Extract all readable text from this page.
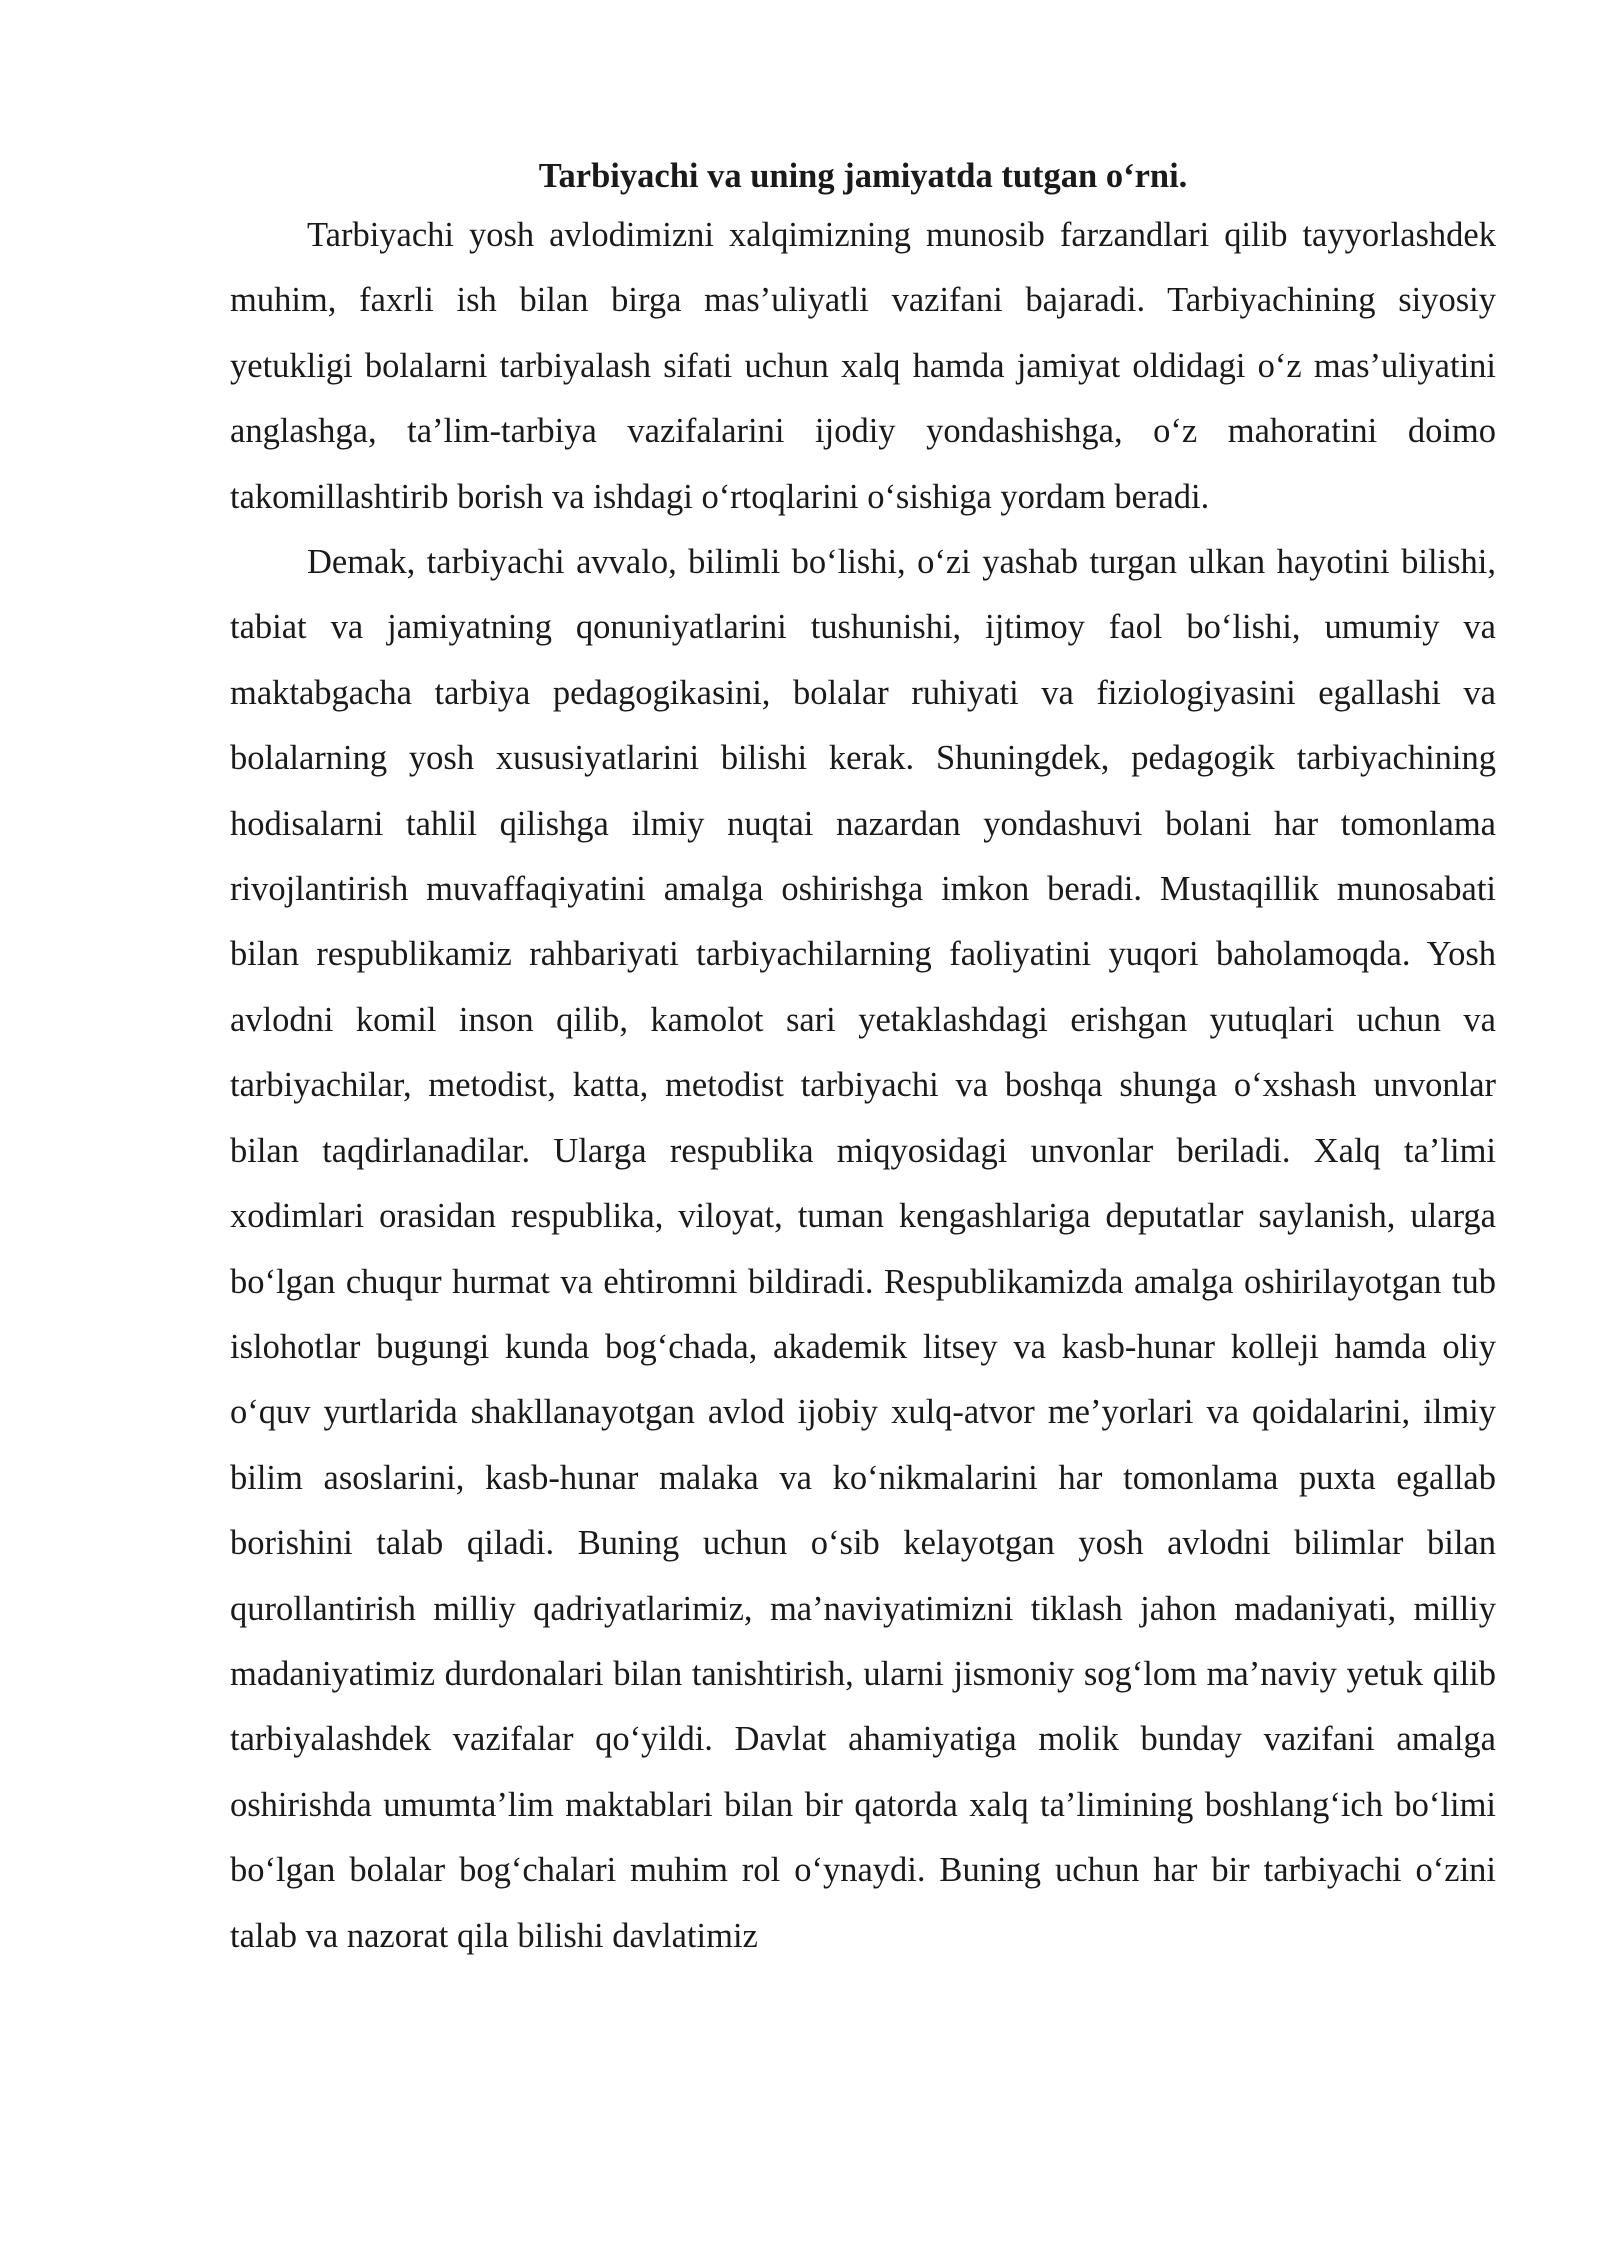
Tarbiyachi va uning jamiyatda tutgan o‘rni.

Tarbiyachi yosh avlodimizni xalqimizning munosib farzandlari qilib tayyorlashdek muhim, faxrli ish bilan birga mas’uliyatli vazifani bajaradi. Tarbiyachining siyosiy yetukligi bolalarni tarbiyalash sifati uchun xalq hamda jamiyat oldidagi o‘z mas’uliyatini anglashga, ta’lim-tarbiya vazifalarini ijodiy yondashishga, o‘z mahoratini doimo takomillashtirib borish va ishdagi o‘rtoqlarini o‘sishiga yordam beradi.

Demak, tarbiyachi avvalo, bilimli bo‘lishi, o‘zi yashab turgan ulkan hayotini bilishi, tabiat va jamiyatning qonuniyatlarini tushunishi, ijtimoy faol bo‘lishi, umumiy va maktabgacha tarbiya pedagogikasini, bolalar ruhiyati va fiziologiyasini egallashi va bolalarning yosh xususiyatlarini bilishi kerak. Shuningdek, pedagogik tarbiyachining hodisalarni tahlil qilishga ilmiy nuqtai nazardan yondashuvi bolani har tomonlama rivojlantirish muvaffaqiyatini amalga oshirishga imkon beradi. Mustaqillik munosabati bilan respublikamiz rahbariyati tarbiyachilarning faoliyatini yuqori baholamoqda. Yosh avlodni komil inson qilib, kamolot sari yetaklashdagi erishgan yutuqlari uchun va tarbiyachilar, metodist, katta, metodist tarbiyachi va boshqa shunga o‘xshash unvonlar bilan taqdirlanadilar. Ularga respublika miqyosidagi unvonlar beriladi. Xalq ta’limi xodimlari orasidan respublika, viloyat, tuman kengashlariga deputatlar saylanish, ularga bo‘lgan chuqur hurmat va ehtiromni bildiradi. Respublikamizda amalga oshirilayotgan tub islohotlar bugungi kunda bog‘chada, akademik litsey va kasb-hunar kolleji hamda oliy o‘quv yurtlarida shakllanayotgan avlod ijobiy xulq-atvor me’yorlari va qoidalarini, ilmiy bilim asoslarini, kasb-hunar malaka va ko‘nikmalarini har tomonlama puxta egallab borishini talab qiladi. Buning uchun o‘sib kelayotgan yosh avlodni bilimlar bilan qurollantirish milliy qadriyatlarimiz, ma’naviyatimizni tiklash jahon madaniyati, milliy madaniyatimiz durdonalari bilan tanishtirish, ularni jismoniy sog‘lom ma’naviy yetuk qilib tarbiyalashdek vazifalar qo‘yildi. Davlat ahamiyatiga molik bunday vazifani amalga oshirishda umumta’lim maktablari bilan bir qatorda xalq ta’limining boshlang‘ich bo‘limi bo‘lgan bolalar bog‘chalari muhim rol o‘ynaydi. Buning uchun har bir tarbiyachi o‘zini talab va nazorat qila bilishi davlatimiz
